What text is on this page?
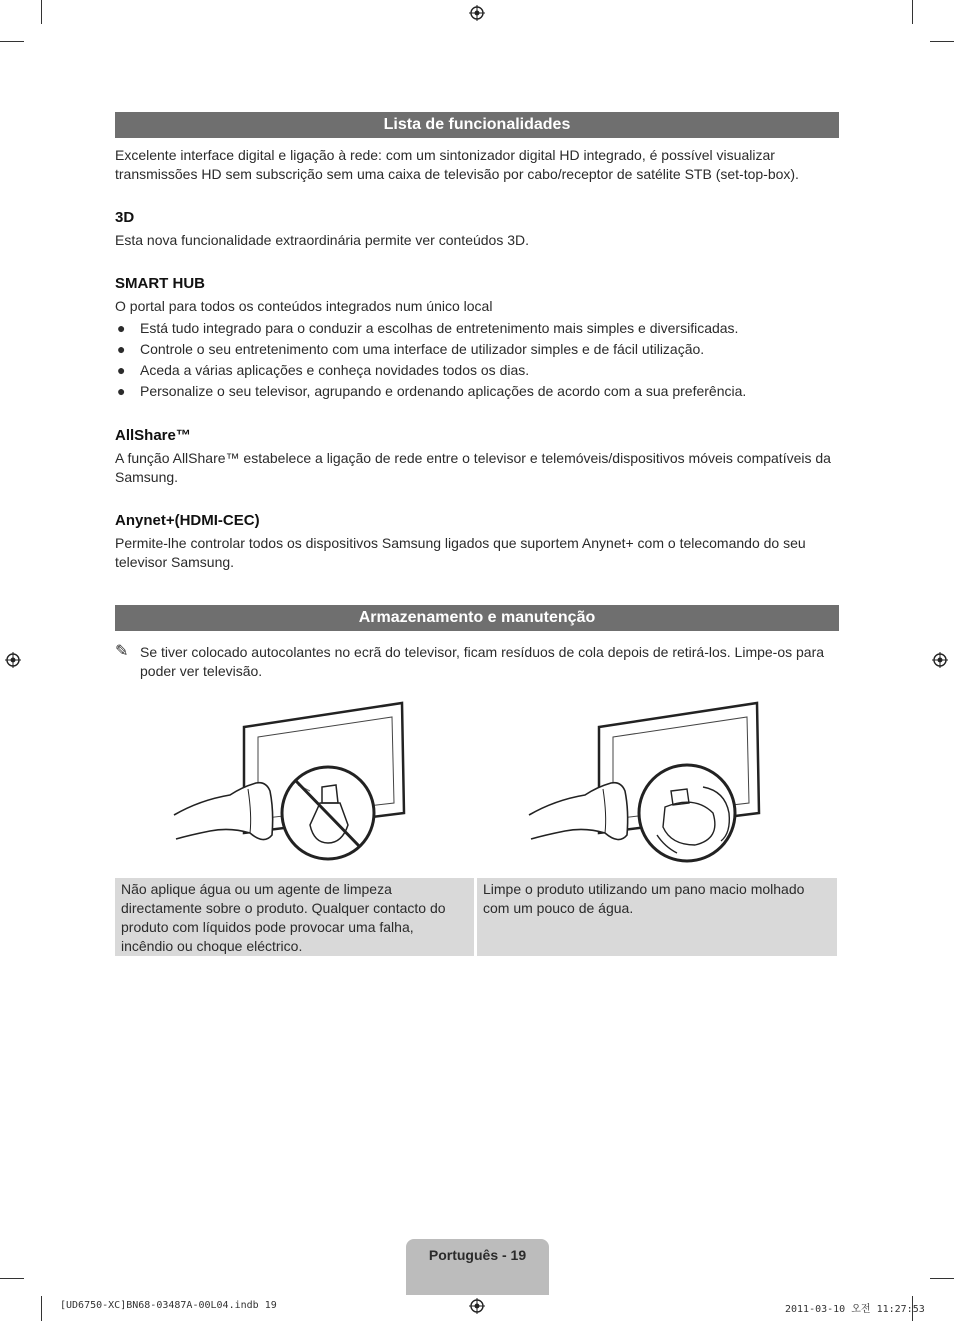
Lista de funcionalidades

Excelente interface digital e ligação à rede: com um sintonizador digital HD integrado, é possível visualizar transmissões HD sem subscrição sem uma caixa de televisão por cabo/receptor de satélite STB (set-top-box).

3D

Esta nova funcionalidade extraordinária permite ver conteúdos 3D.

SMART HUB

O portal para todos os conteúdos integrados num único local

● Está tudo integrado para o conduzir a escolhas de entretenimento mais simples e diversificadas.
● Controle o seu entretenimento com uma interface de utilizador simples e de fácil utilização.
● Aceda a várias aplicações e conheça novidades todos os dias.
● Personalize o seu televisor, agrupando e ordenando aplicações de acordo com a sua preferência.

AllShare™

A função AllShare™ estabelece a ligação de rede entre o televisor e telemóveis/dispositivos móveis compatíveis da Samsung.

Anynet+(HDMI-CEC)

Permite-lhe controlar todos os dispositivos Samsung ligados que suportem Anynet+ com o telecomando do seu televisor Samsung.

Armazenamento e manutenção
✎ Se tiver colocado autocolantes no ecrã do televisor, ficam resíduos de cola depois de retirá-los. Limpe-os para poder ver televisão.

Não aplique água ou um agente de limpeza directamente sobre o produto. Qualquer contacto do produto com líquidos pode provocar uma falha, incêndio ou choque eléctrico.
Limpe o produto utilizando um pano macio molhado com um pouco de água.
Português - 19
[UD6750-XC]BN68-03487A-00L04.indb 19	2011-03-10 오전 11:27:53
